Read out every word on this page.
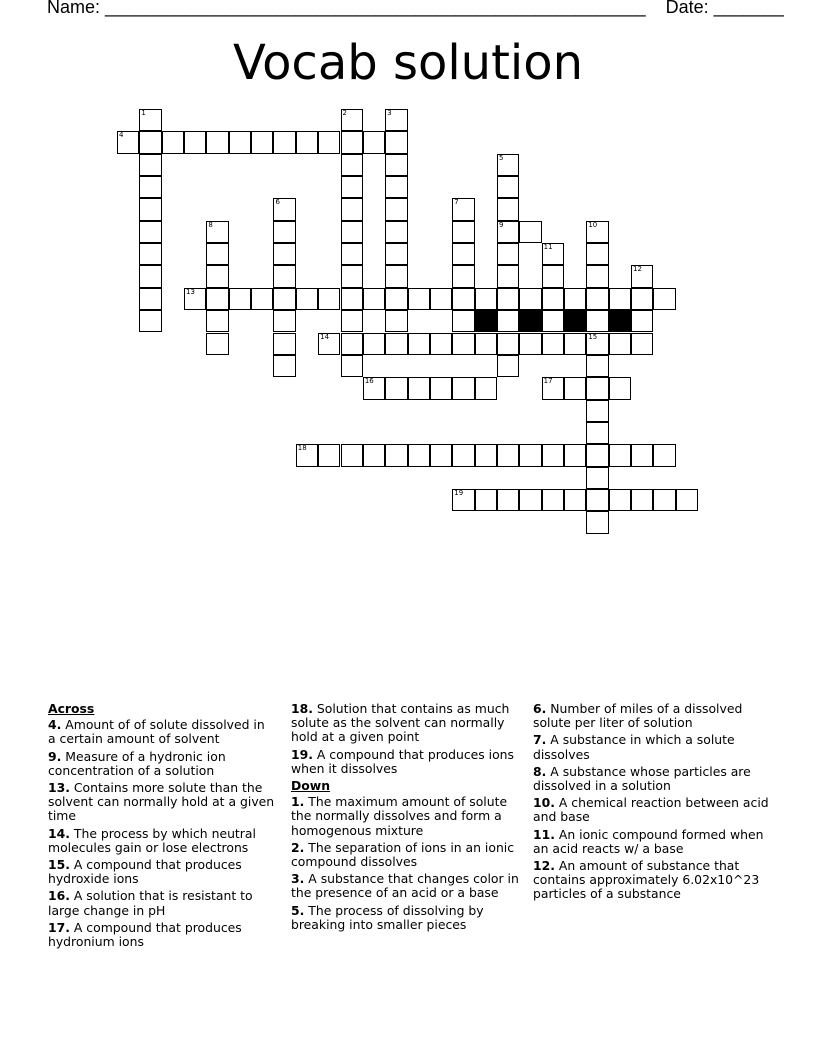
Name: ______________________________________________________    Date: _______
Vocab solution
1	2	3
5
9
6	7
8	10
15
11
12
4
13
14
16	17
18
19
Across
4. Amount of of solute dissolved in a certain amount of solvent
9. Measure of a hydronic ion concentration of a solution
13. Contains more solute than the solvent can normally hold at a given time
14. The process by which neutral molecules gain or lose electrons
15. A compound that produces hydroxide ions
16. A solution that is resistant to large change in pH
17. A compound that produces hydronium ions
18. Solution that contains as much solute as the solvent can normally hold at a given point
19. A compound that produces ions when it dissolves
Down
1. The maximum amount of solute the normally dissolves and form a homogenous mixture
2. The separation of ions in an ionic compound dissolves
3. A substance that changes color in the presence of an acid or a base
5. The process of dissolving by breaking into smaller pieces
6. Number of miles of a dissolved solute per liter of solution
7. A substance in which a solute dissolves
8. A substance whose particles are dissolved in a solution
10. A chemical reaction between acid and base
11. An ionic compound formed when an acid reacts w/ a base
12. An amount of substance that contains approximately 6.02x10^23 particles of a substance
